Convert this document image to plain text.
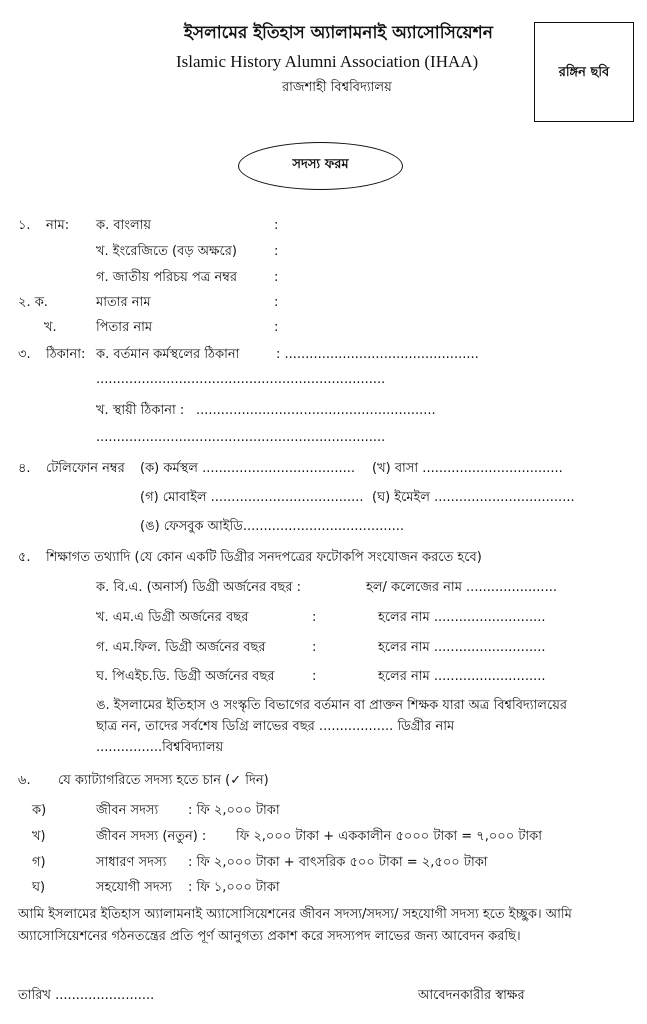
ইসলামের ইতিহাস অ্যালামনাই অ্যাসোসিয়েশন
Islamic History Alumni Association (IHAA)
রাজশাহী বিশ্ববিদ্যালয়
রঙ্গিন ছবি
সদস্য ফরম
১. নাম: ক. বাংলায়	:
খ. ইংরেজিতে (বড় অক্ষরে)	:
গ. জাতীয় পরিচয় পত্র নম্বর	:
২. ক.	মাতার নাম	:
খ.	পিতার নাম	:
৩. ঠিকানা: ক. বর্তমান কর্মস্থলের ঠিকানা	: ...............................................
......................................................................
খ. স্থায়ী ঠিকানা : ..........................................................
......................................................................
৪. টেলিফোন নম্বর (ক) কর্মস্থল ..................................... (খ) বাসা ..................................
(গ) মোবাইল ..................................... (ঘ) ইমেইল ..................................
(ঙ) ফেসবুক আইডি.......................................
৫. শিক্ষাগত তথ্যাদি (যে কোন একটি ডিগ্রীর সনদপত্রের ফটোকপি সংযোজন করতে হবে)
ক. বি.এ. (অনার্স) ডিগ্রী অর্জনের বছর :	হল/ কলেজের নাম ......................
খ. এম.এ ডিগ্রী অর্জনের বছর	:	হলের নাম ...........................
গ. এম.ফিল. ডিগ্রী অর্জনের বছর	:	হলের নাম ...........................
ঘ. পিএইচ.ডি. ডিগ্রী অর্জনের বছর	:	হলের নাম ...........................
ঙ. ইসলামের ইতিহাস ও সংস্কৃতি বিভাগের বর্তমান বা প্রাক্তন শিক্ষক যারা অত্র বিশ্ববিদ্যালয়ের
ছাত্র নন, তাদের সর্বশেষ ডিগ্রি লাভের বছর .................. ডিগ্রীর নাম
................বিশ্ববিদ্যালয়
৬. যে ক্যাট্যাগরিতে সদস্য হতে চান (✓ দিন)
ক)	জীবন সদস্য : ফি ২,০০০ টাকা
খ)	জীবন সদস্য (নতুন) : ফি ২,০০০ টাকা + এককালীন ৫০০০ টাকা = ৭,০০০ টাকা
গ)	সাধারণ সদস্য : ফি ২,০০০ টাকা + বাৎসরিক ৫০০ টাকা = ২,৫০০ টাকা
ঘ)	সহযোগী সদস্য : ফি ১,০০০ টাকা
আমি ইসলামের ইতিহাস অ্যালামনাই অ্যাসোসিয়েশনের জীবন সদস্য/সদস্য/ সহযোগী সদস্য হতে ইচ্ছুক। আমি
অ্যাসোসিয়েশনের গঠনতন্ত্রের প্রতি পূর্ণ আনুগত্য প্রকাশ করে সদস্যপদ লাভের জন্য আবেদন করছি।
তারিখ ........................	আবেদনকারীর স্বাক্ষর
